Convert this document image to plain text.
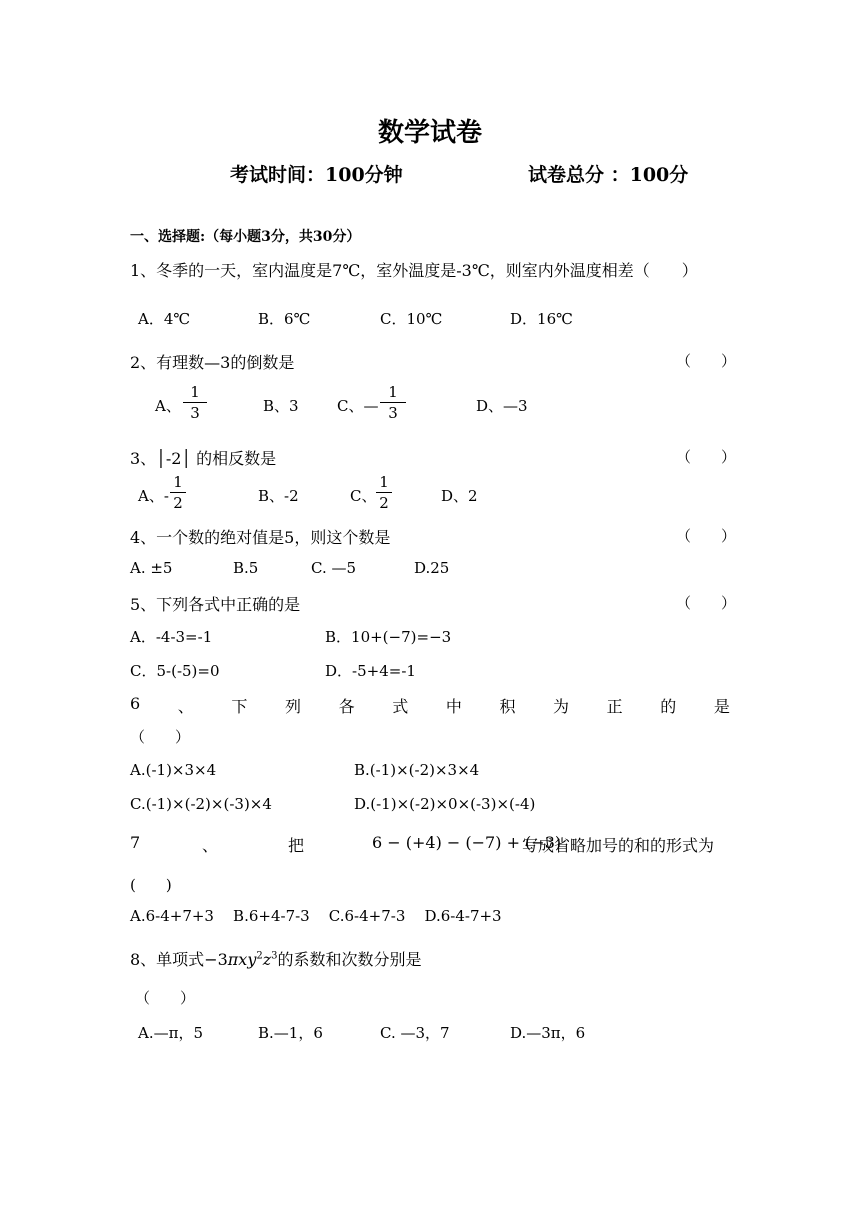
数学试卷
考试时间：100分钟	试卷总分 ：100分
一、选择题:（每小题3分，共30分）
1、冬季的一天，室内温度是7℃，室外温度是-3℃，则室内外温度相差（　　）
A．4℃	B．6℃	C．10℃	D．16℃
2、有理数—3的倒数是	（　　）
A、 $\frac{1}{3}$	B、3	C、— $\frac{1}{3}$	D、—3
3、│-2│ 的相反数是	（　　）
A、- $\frac{1}{2}$	B、-2	C、 $\frac{1}{2}$	D、2
4、一个数的绝对值是5，则这个数是	（　　）
A. ±5	B.5	C. —5	D.25
5、下列各式中正确的是	（　　）
A．-4-3=-1	B．10+(−7)=−3
C．5-(-5)=0	D．-5+4=-1
6 、 下 列 各 式 中 积 为 正 的 是
（　　）
A.(-1)×3×4	B.(-1)×(-2)×3×4
C.(-1)×(-2)×(-3)×4	D.(-1)×(-2)×0×(-3)×(-4)
7	、	把	6 − (+4) − (−7) + (−3)
写成省略加号的和的形式为
(　　)
A.6-4+7+3    B.6+4-7-3    C.6-4+7-3    D.6-4-7+3
8、单项式$-3\pi xy^2z^3$的系数和次数分别是
（　　）
A.—π，5	B.—1，6	C. —3，7	D.—3π，6
